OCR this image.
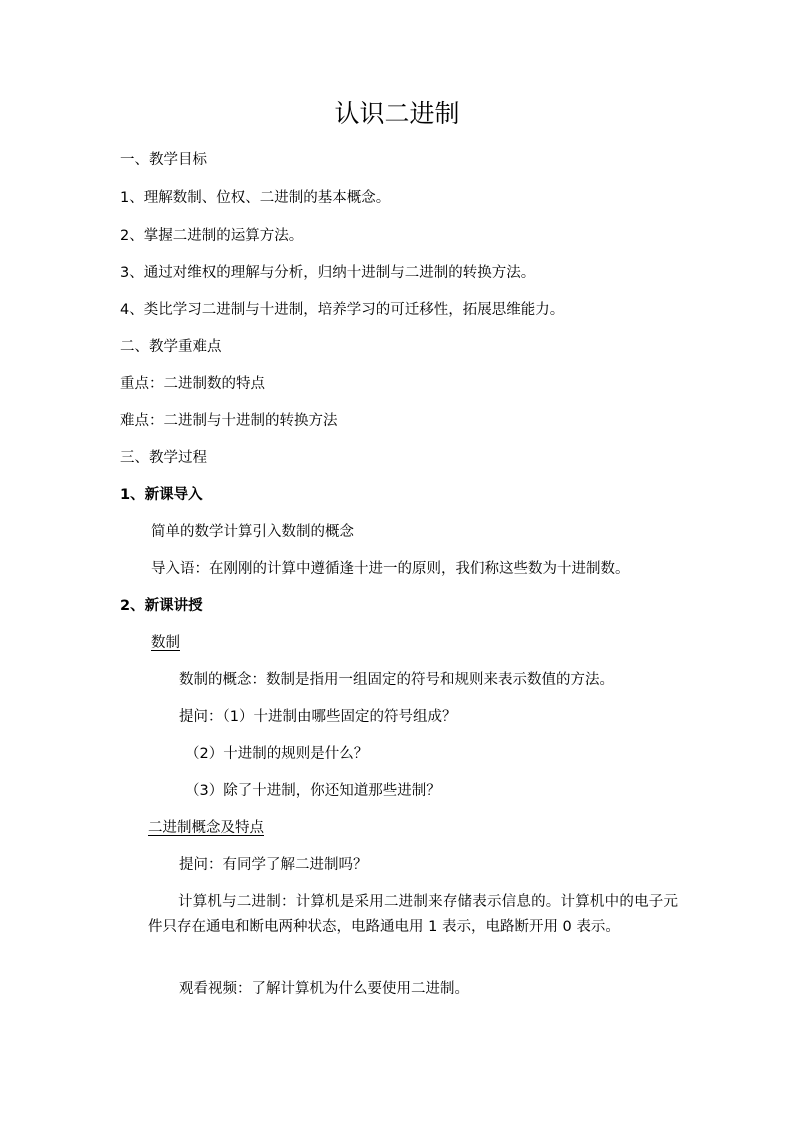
认识二进制
一、教学目标
1、理解数制、位权、二进制的基本概念。
2、掌握二进制的运算方法。
3、通过对维权的理解与分析，归纳十进制与二进制的转换方法。
4、类比学习二进制与十进制，培养学习的可迁移性，拓展思维能力。
二、教学重难点
重点：二进制数的特点
难点：二进制与十进制的转换方法
三、教学过程
1、新课导入
简单的数学计算引入数制的概念
导入语：在刚刚的计算中遵循逢十进一的原则，我们称这些数为十进制数。
2、新课讲授
数制
数制的概念：数制是指用一组固定的符号和规则来表示数值的方法。
提问：（1）十进制由哪些固定的符号组成？
（2）十进制的规则是什么？
（3）除了十进制，你还知道那些进制？
二进制概念及特点
提问：有同学了解二进制吗？
计算机与二进制：计算机是采用二进制来存储表示信息的。计算机中的电子元件只存在通电和断电两种状态，电路通电用 1 表示，电路断开用 0 表示。
观看视频：了解计算机为什么要使用二进制。
